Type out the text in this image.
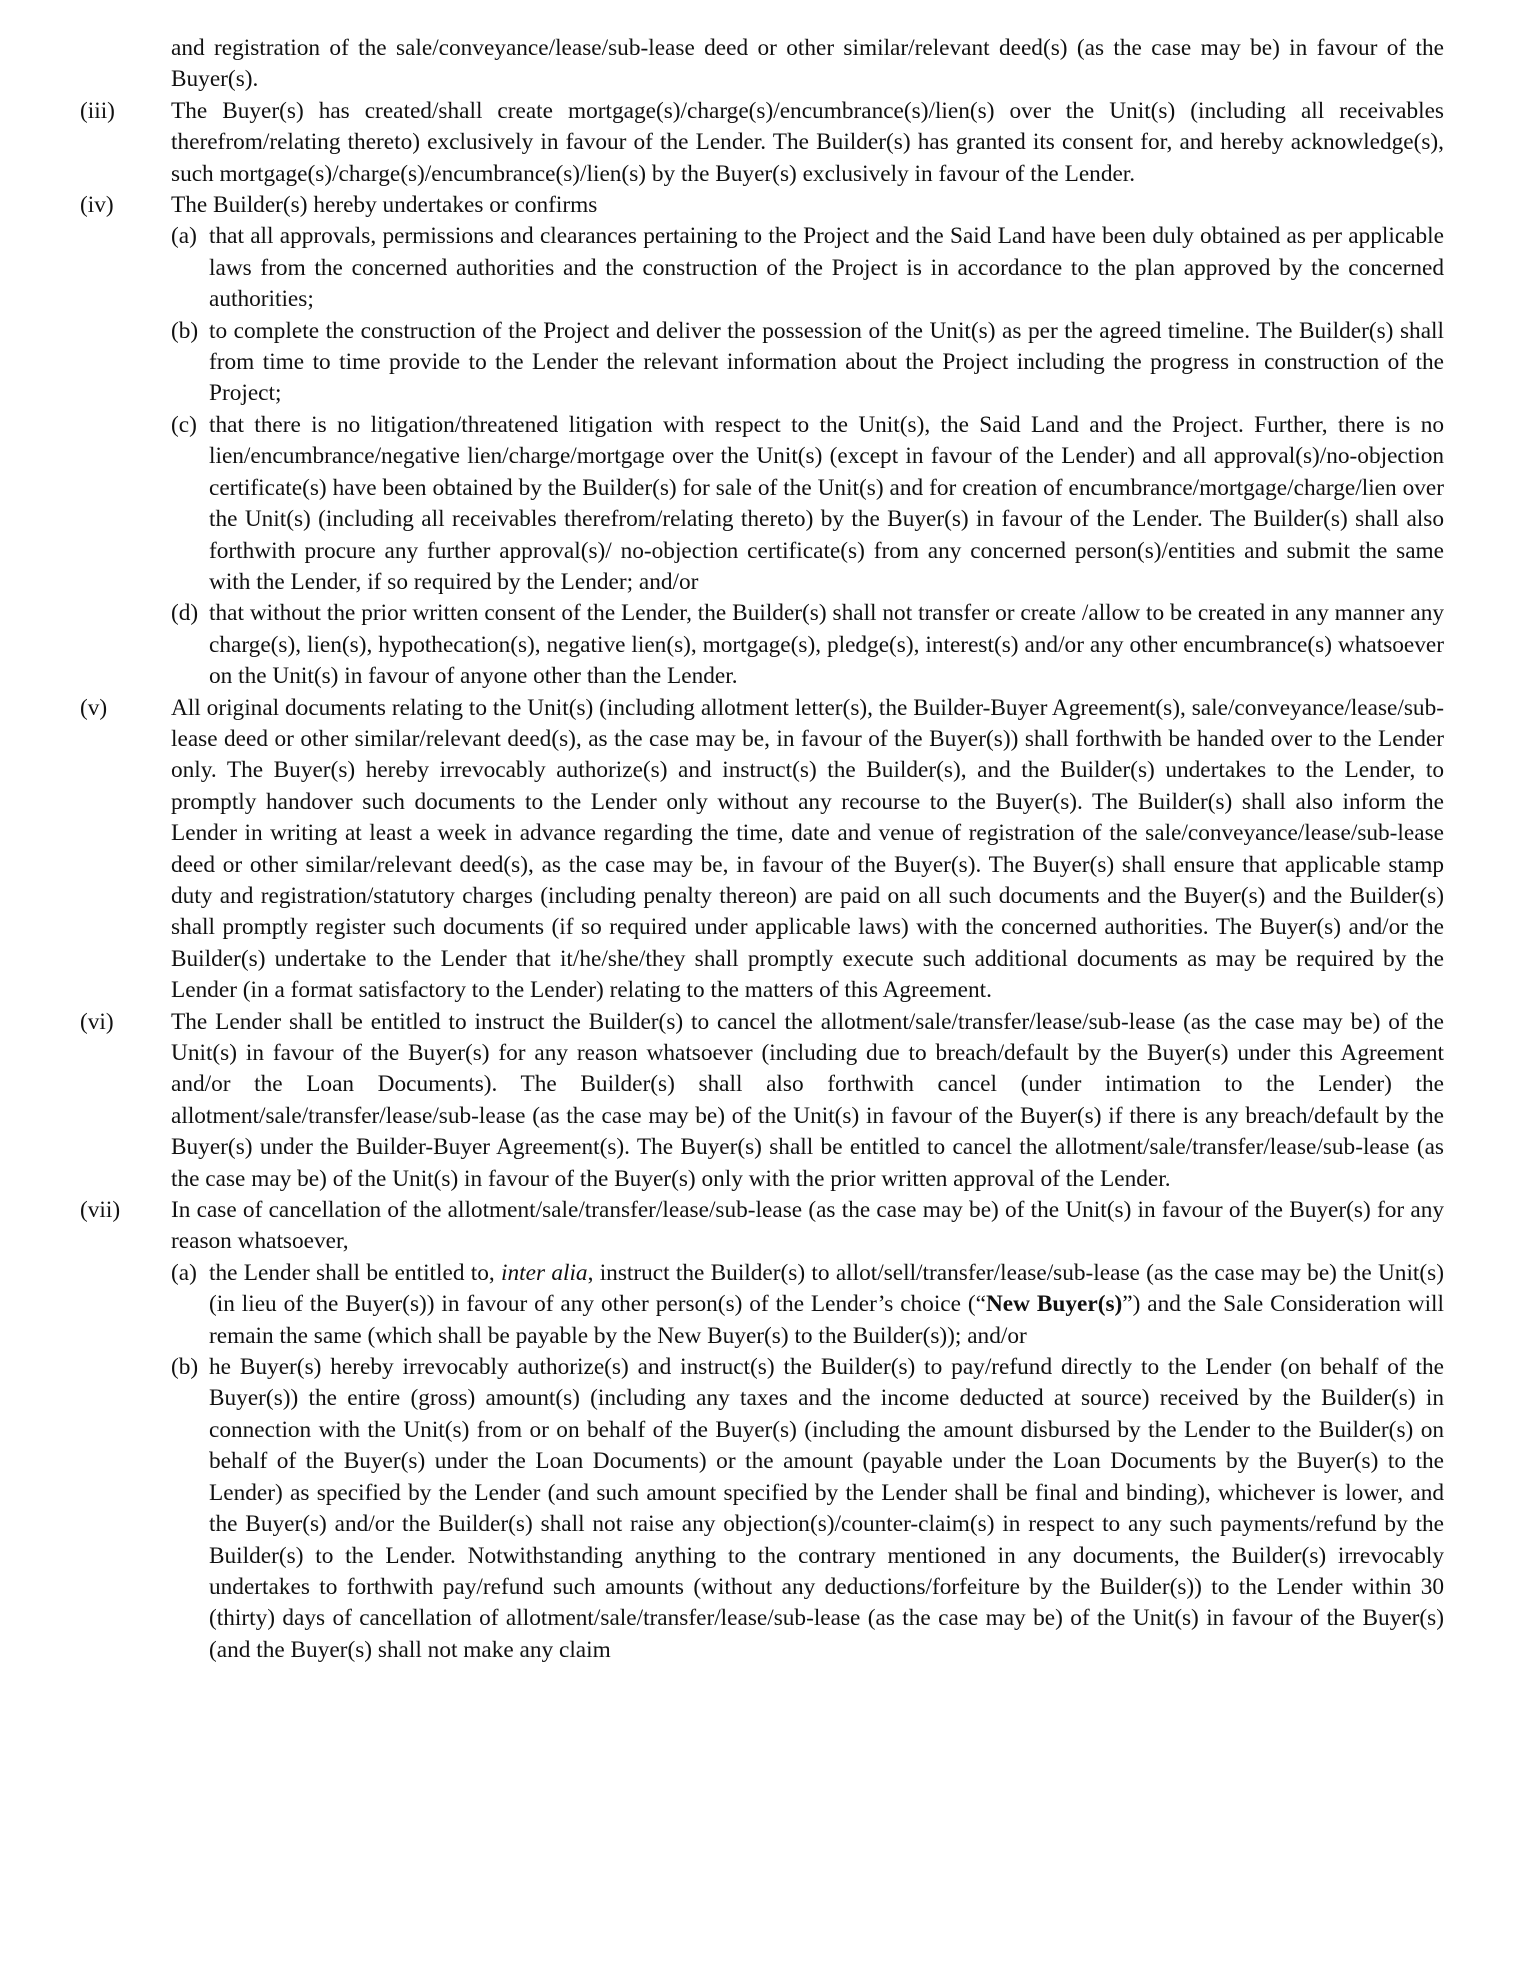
and registration of the sale/conveyance/lease/sub-lease deed or other similar/relevant deed(s) (as the case may be) in favour of the Buyer(s).
(iii)	The Buyer(s) has created/shall create mortgage(s)/charge(s)/encumbrance(s)/lien(s) over the Unit(s) (including all receivables therefrom/relating thereto) exclusively in favour of the Lender. The Builder(s) has granted its consent for, and hereby acknowledge(s), such mortgage(s)/charge(s)/encumbrance(s)/lien(s) by the Buyer(s) exclusively in favour of the Lender.
(iv)	The Builder(s) hereby undertakes or confirms
(a) that all approvals, permissions and clearances pertaining to the Project and the Said Land have been duly obtained as per applicable laws from the concerned authorities and the construction of the Project is in accordance to the plan approved by the concerned authorities;
(b) to complete the construction of the Project and deliver the possession of the Unit(s) as per the agreed timeline. The Builder(s) shall from time to time provide to the Lender the relevant information about the Project including the progress in construction of the Project;
(c) that there is no litigation/threatened litigation with respect to the Unit(s), the Said Land and the Project. Further, there is no lien/encumbrance/negative lien/charge/mortgage over the Unit(s) (except in favour of the Lender) and all approval(s)/no-objection certificate(s) have been obtained by the Builder(s) for sale of the Unit(s) and for creation of encumbrance/mortgage/charge/lien over the Unit(s) (including all receivables therefrom/relating thereto) by the Buyer(s) in favour of the Lender. The Builder(s) shall also forthwith procure any further approval(s)/ no-objection certificate(s) from any concerned person(s)/entities and submit the same with the Lender, if so required by the Lender; and/or
(d) that without the prior written consent of the Lender, the Builder(s) shall not transfer or create /allow to be created in any manner any charge(s), lien(s), hypothecation(s), negative lien(s), mortgage(s), pledge(s), interest(s) and/or any other encumbrance(s) whatsoever on the Unit(s) in favour of anyone other than the Lender.
(v)	All original documents relating to the Unit(s) (including allotment letter(s), the Builder-Buyer Agreement(s), sale/conveyance/lease/sub-lease deed or other similar/relevant deed(s), as the case may be, in favour of the Buyer(s)) shall forthwith be handed over to the Lender only. The Buyer(s) hereby irrevocably authorize(s) and instruct(s) the Builder(s), and the Builder(s) undertakes to the Lender, to promptly handover such documents to the Lender only without any recourse to the Buyer(s). The Builder(s) shall also inform the Lender in writing at least a week in advance regarding the time, date and venue of registration of the sale/conveyance/lease/sub-lease deed or other similar/relevant deed(s), as the case may be, in favour of the Buyer(s). The Buyer(s) shall ensure that applicable stamp duty and registration/statutory charges (including penalty thereon) are paid on all such documents and the Buyer(s) and the Builder(s) shall promptly register such documents (if so required under applicable laws) with the concerned authorities. The Buyer(s) and/or the Builder(s) undertake to the Lender that it/he/she/they shall promptly execute such additional documents as may be required by the Lender (in a format satisfactory to the Lender) relating to the matters of this Agreement.
(vi)	The Lender shall be entitled to instruct the Builder(s) to cancel the allotment/sale/transfer/lease/sub-lease (as the case may be) of the Unit(s) in favour of the Buyer(s) for any reason whatsoever (including due to breach/default by the Buyer(s) under this Agreement and/or the Loan Documents). The Builder(s) shall also forthwith cancel (under intimation to the Lender) the allotment/sale/transfer/lease/sub-lease (as the case may be) of the Unit(s) in favour of the Buyer(s) if there is any breach/default by the Buyer(s) under the Builder-Buyer Agreement(s). The Buyer(s) shall be entitled to cancel the allotment/sale/transfer/lease/sub-lease (as the case may be) of the Unit(s) in favour of the Buyer(s) only with the prior written approval of the Lender.
(vii)	In case of cancellation of the allotment/sale/transfer/lease/sub-lease (as the case may be) of the Unit(s) in favour of the Buyer(s) for any reason whatsoever,
(a) the Lender shall be entitled to, inter alia, instruct the Builder(s) to allot/sell/transfer/lease/sub-lease (as the case may be) the Unit(s) (in lieu of the Buyer(s)) in favour of any other person(s) of the Lender’s choice (“New Buyer(s)”) and the Sale Consideration will remain the same (which shall be payable by the New Buyer(s) to the Builder(s)); and/or
(b) he Buyer(s) hereby irrevocably authorize(s) and instruct(s) the Builder(s) to pay/refund directly to the Lender (on behalf of the Buyer(s)) the entire (gross) amount(s) (including any taxes and the income deducted at source) received by the Builder(s) in connection with the Unit(s) from or on behalf of the Buyer(s) (including the amount disbursed by the Lender to the Builder(s) on behalf of the Buyer(s) under the Loan Documents) or the amount (payable under the Loan Documents by the Buyer(s) to the Lender) as specified by the Lender (and such amount specified by the Lender shall be final and binding), whichever is lower, and the Buyer(s) and/or the Builder(s) shall not raise any objection(s)/counter-claim(s) in respect to any such payments/refund by the Builder(s) to the Lender. Notwithstanding anything to the contrary mentioned in any documents, the Builder(s) irrevocably undertakes to forthwith pay/refund such amounts (without any deductions/forfeiture by the Builder(s)) to the Lender within 30 (thirty) days of cancellation of allotment/sale/transfer/lease/sub-lease (as the case may be) of the Unit(s) in favour of the Buyer(s) (and the Buyer(s) shall not make any claim
